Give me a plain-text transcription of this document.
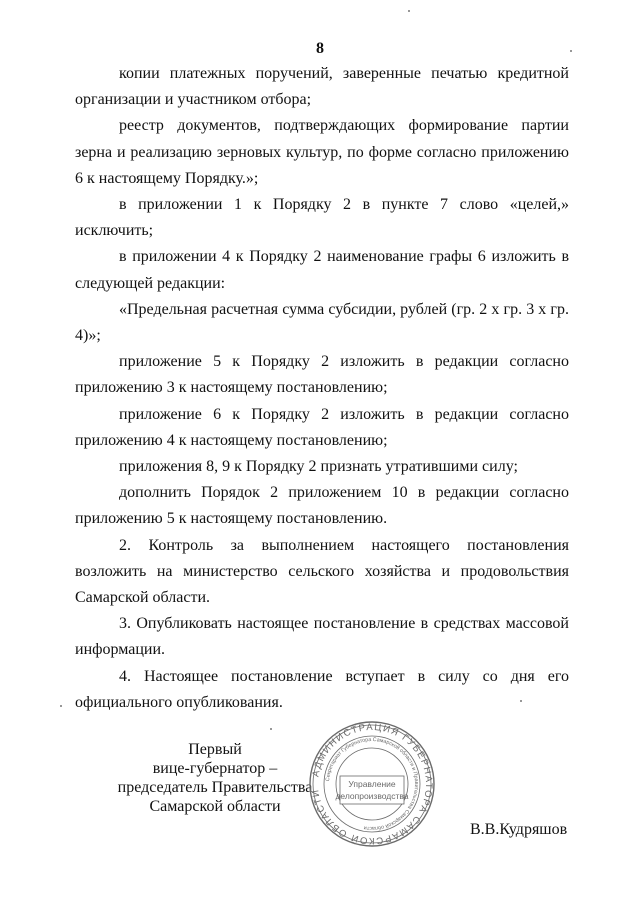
8

копии платежных поручений, заверенные печатью кредитной организации и участником отбора;

реестр документов, подтверждающих формирование партии зерна и реализацию зерновых культур, по форме согласно приложению 6 к настоящему Порядку.»;

в приложении 1 к Порядку 2 в пункте 7 слово «целей,» исключить;

в приложении 4 к Порядку 2 наименование графы 6 изложить в следующей редакции:

«Предельная расчетная сумма субсидии, рублей (гр. 2 х гр. 3 х гр. 4)»;

приложение 5 к Порядку 2 изложить в редакции согласно приложению 3 к настоящему постановлению;

приложение 6 к Порядку 2 изложить в редакции согласно приложению 4 к настоящему постановлению;

приложения 8, 9 к Порядку 2 признать утратившими силу;

дополнить Порядок 2 приложением 10 в редакции согласно приложению 5 к настоящему постановлению.

2. Контроль за выполнением настоящего постановления возложить на министерство сельского хозяйства и продовольствия Самарской области.

3. Опубликовать настоящее постановление в средствах массовой информации.

4. Настоящее постановление вступает в силу со дня его официального опубликования.

Первый
вице-губернатор –
председатель Правительства
Самарской области
АДМИНИСТРАЦИЯ ГУБЕРНАТОРА САМАРСКОЙ ОБЛАСТИ
Секретариат Губернатора Самарской области и Правительства Самарской области
Управление
делопроизводства
В.В.Кудряшов
